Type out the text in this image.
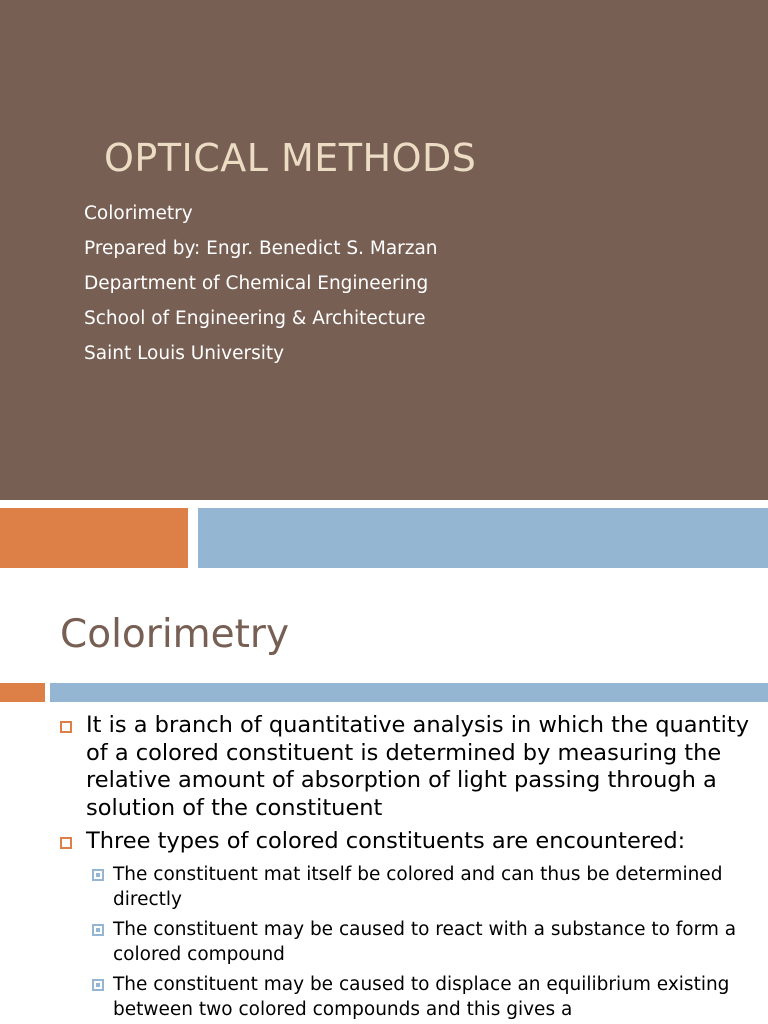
OPTICAL METHODS
Colorimetry
Prepared by: Engr. Benedict S. Marzan
Department of Chemical Engineering
School of Engineering & Architecture
Saint Louis University
Colorimetry
It is a branch of quantitative analysis in which the quantity of a colored constituent is determined by measuring the relative amount of absorption of light passing through a solution of the constituent
Three types of colored constituents are encountered:
The constituent mat itself be colored and can thus be determined directly
The constituent may be caused to react with a substance to form a colored compound
The constituent may be caused to displace an equilibrium existing between two colored compounds and this gives a
